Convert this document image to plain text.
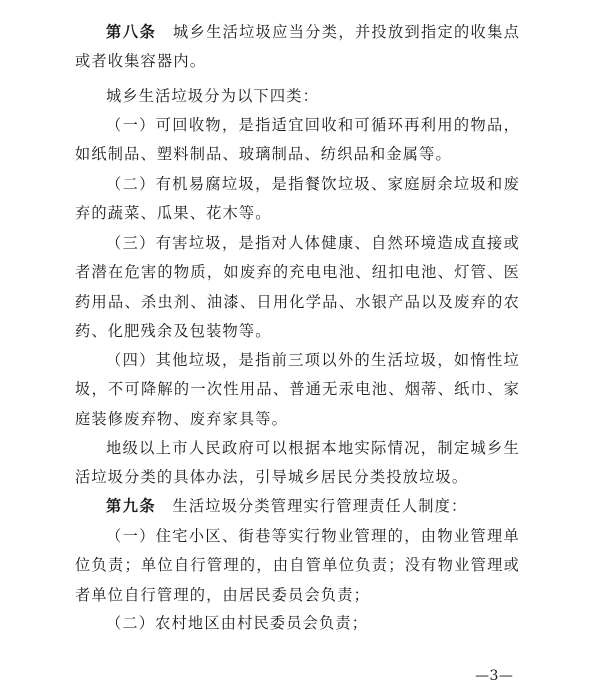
第八条　城乡生活垃圾应当分类，并投放到指定的收集点或者收集容器内。

城乡生活垃圾分为以下四类：

（一）可回收物，是指适宜回收和可循环再利用的物品，如纸制品、塑料制品、玻璃制品、纺织品和金属等。

（二）有机易腐垃圾，是指餐饮垃圾、家庭厨余垃圾和废弃的蔬菜、瓜果、花木等。

（三）有害垃圾，是指对人体健康、自然环境造成直接或者潜在危害的物质，如废弃的充电电池、纽扣电池、灯管、医药用品、杀虫剂、油漆、日用化学品、水银产品以及废弃的农药、化肥残余及包装物等。

（四）其他垃圾，是指前三项以外的生活垃圾，如惰性垃圾，不可降解的一次性用品、普通无汞电池、烟蒂、纸巾、家庭装修废弃物、废弃家具等。

地级以上市人民政府可以根据本地实际情况，制定城乡生活垃圾分类的具体办法，引导城乡居民分类投放垃圾。

第九条　生活垃圾分类管理实行管理责任人制度：

（一）住宅小区、街巷等实行物业管理的，由物业管理单位负责；单位自行管理的，由自管单位负责；没有物业管理或者单位自行管理的，由居民委员会负责；

（二）农村地区由村民委员会负责；

—3—
